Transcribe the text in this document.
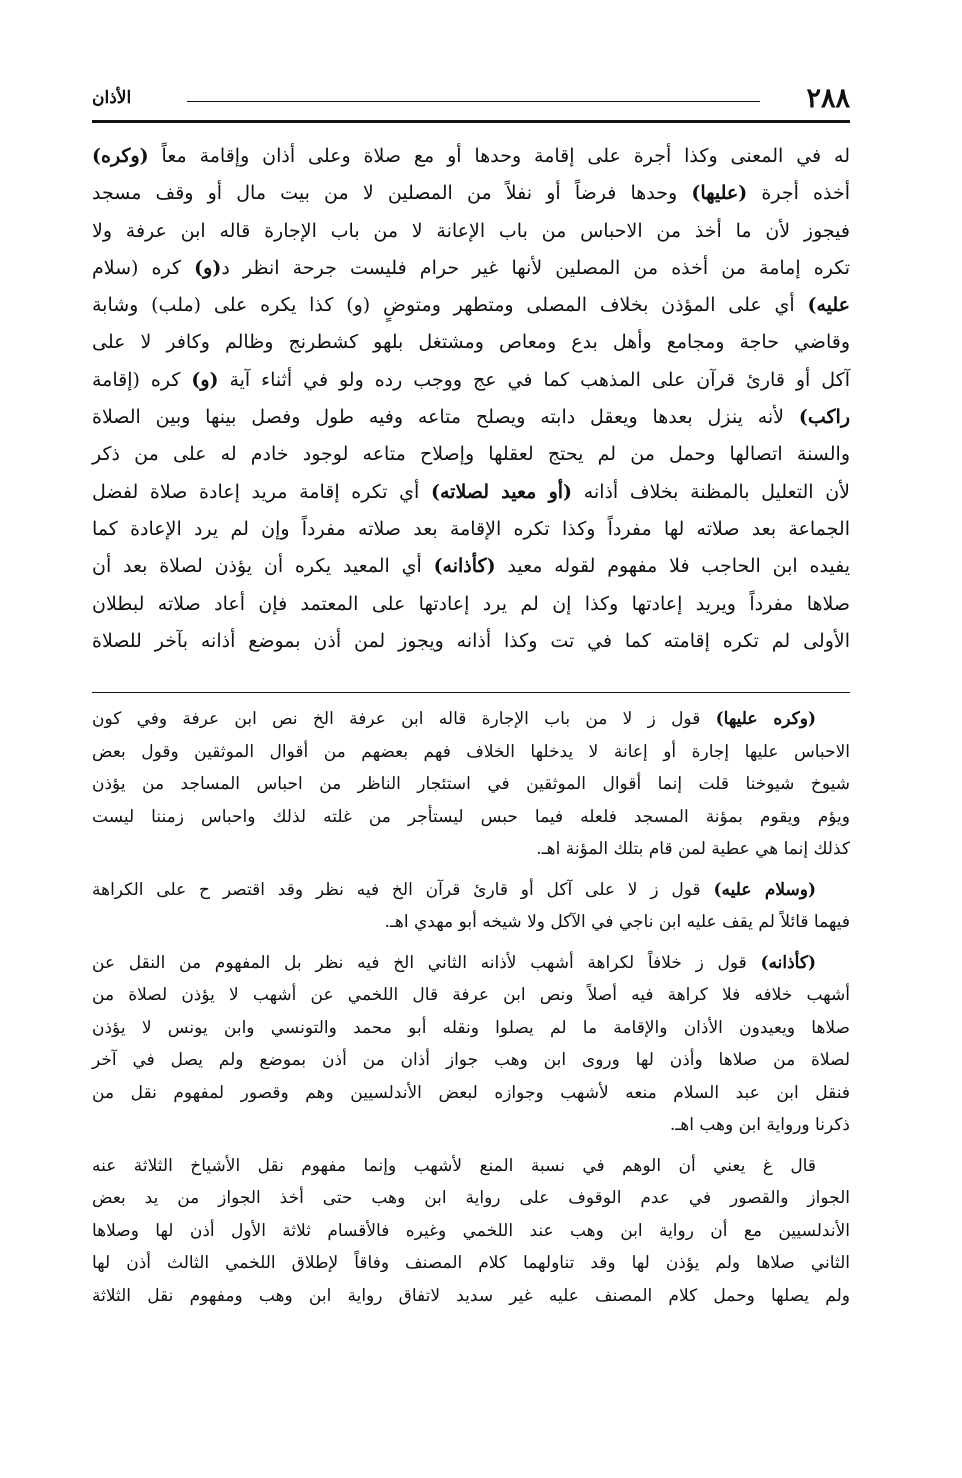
٢٨٨
الأذان

له في المعنى وكذا أجرة على إقامة وحدها أو مع صلاة وعلى أذان وإقامة معاً (وكره)

أخذه أجرة (عليها) وحدها فرضاً أو نفلاً من المصلين لا من بيت مال أو وقف مسجد

فيجوز لأن ما أخذ من الاحباس من باب الإعانة لا من باب الإجارة قاله ابن عرفة ولا

تكره إمامة من أخذه من المصلين لأنها غير حرام فليست جرحة انظر د(و) كره (سلام

عليه) أي على المؤذن بخلاف المصلى ومتطهر ومتوضٍ (و) كذا يكره على (ملب) وشابة

وقاضي حاجة ومجامع وأهل بدع ومعاص ومشتغل بلهو كشطرنج وظالم وكافر لا على

آكل أو قارئ قرآن على المذهب كما في عج ووجب رده ولو في أثناء آية (و) كره (إقامة

راكب) لأنه ينزل بعدها ويعقل دابته ويصلح متاعه وفيه طول وفصل بينها وبين الصلاة

والسنة اتصالها وحمل من لم يحتج لعقلها وإصلاح متاعه لوجود خادم له على من ذكر

لأن التعليل بالمظنة بخلاف أذانه (أو معيد لصلاته) أي تكره إقامة مريد إعادة صلاة لفضل

الجماعة بعد صلاته لها مفرداً وكذا تكره الإقامة بعد صلاته مفرداً وإن لم يرد الإعادة كما

يفيده ابن الحاجب فلا مفهوم لقوله معيد (كأذانه) أي المعيد يكره أن يؤذن لصلاة بعد أن

صلاها مفرداً ويريد إعادتها وكذا إن لم يرد إعادتها على المعتمد فإن أعاد صلاته لبطلان

الأولى لم تكره إقامته كما في تت وكذا أذانه ويجوز لمن أذن بموضع أذانه بآخر للصلاة

(وكره عليها) قول ز لا من باب الإجارة قاله ابن عرفة الخ نص ابن عرفة وفي كون

الاحباس عليها إجارة أو إعانة لا يدخلها الخلاف فهم بعضهم من أقوال الموثقين وقول بعض

شيوخ شيوخنا قلت إنما أقوال الموثقين في استئجار الناظر من احباس المساجد من يؤذن

ويؤم ويقوم بمؤنة المسجد فلعله فيما حبس ليستأجر من غلته لذلك واحباس زمننا ليست

كذلك إنما هي عطية لمن قام بتلك المؤنة اهـ.

(وسلام عليه) قول ز لا على آكل أو قارئ قرآن الخ فيه نظر وقد اقتصر ح على الكراهة

فيهما قائلاً لم يقف عليه ابن ناجي في الآكل ولا شيخه أبو مهدي اهـ.

(كأذانه) قول ز خلافاً لكراهة أشهب لأذانه الثاني الخ فيه نظر بل المفهوم من النقل عن

أشهب خلافه فلا كراهة فيه أصلاً ونص ابن عرفة قال اللخمي عن أشهب لا يؤذن لصلاة من

صلاها ويعيدون الأذان والإقامة ما لم يصلوا ونقله أبو محمد والتونسي وابن يونس لا يؤذن

لصلاة من صلاها وأذن لها وروى ابن وهب جواز أذان من أذن بموضع ولم يصل في آخر

فنقل ابن عبد السلام منعه لأشهب وجوازه لبعض الأندلسيين وهم وقصور لمفهوم نقل من

ذكرنا ورواية ابن وهب اهـ.

قال غ يعني أن الوهم في نسبة المنع لأشهب وإنما مفهوم نقل الأشياخ الثلاثة عنه

الجواز والقصور في عدم الوقوف على رواية ابن وهب حتى أخذ الجواز من يد بعض

الأندلسيين مع أن رواية ابن وهب عند اللخمي وغيره فالأقسام ثلاثة الأول أذن لها وصلاها

الثاني صلاها ولم يؤذن لها وقد تناولهما كلام المصنف وفاقاً لإطلاق اللخمي الثالث أذن لها

ولم يصلها وحمل كلام المصنف عليه غير سديد لاتفاق رواية ابن وهب ومفهوم نقل الثلاثة
